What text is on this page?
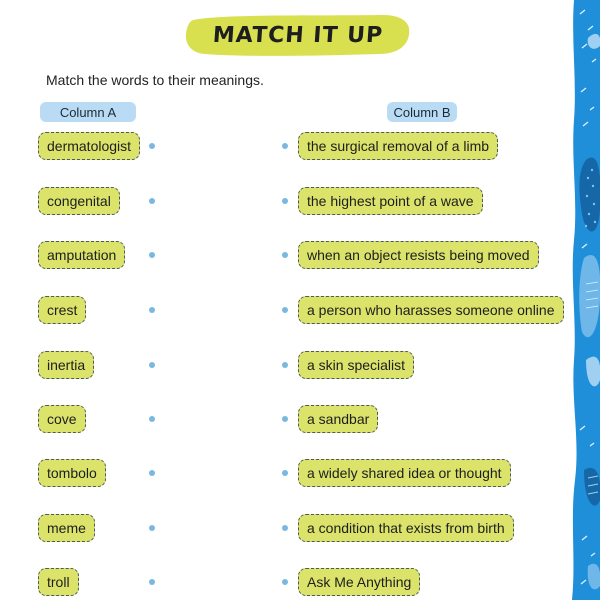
MATCH IT UP
Match the words to their meanings.
Column A	Column B
dermatologist	the surgical removal of a limb
congenital	the highest point of a wave
amputation	when an object resists being moved
crest	a person who harasses someone online
inertia	a skin specialist
cove	a sandbar
tombolo	a widely shared idea or thought
meme	a condition that exists from birth
troll	Ask Me Anything
